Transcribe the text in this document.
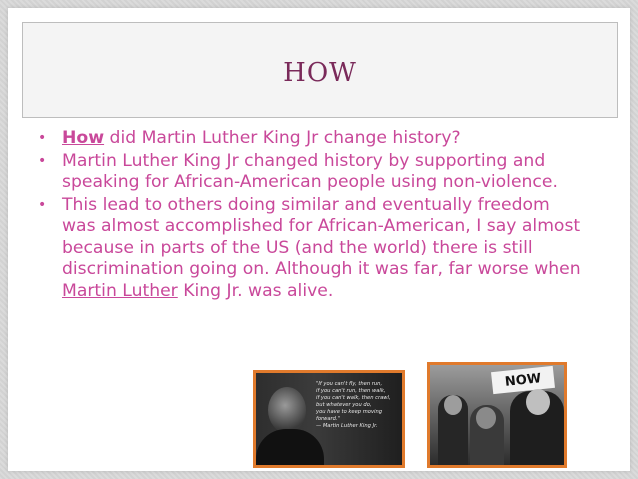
HOW
• How did Martin Luther King Jr change history?
• Martin Luther King Jr changed history by supporting and speaking for African-American people using non-violence.
• This lead to others doing similar and eventually freedom was almost accomplished for African-American, I say almost because in parts of the US (and the world) there is still discrimination going on. Although it was far, far worse when Martin Luther King Jr. was alive.
"If you can't fly, then run,
if you can't run, then walk,
if you can't walk, then crawl,
but whatever you do,
you have to keep moving forward."
— Martin Luther King Jr.
NOW
